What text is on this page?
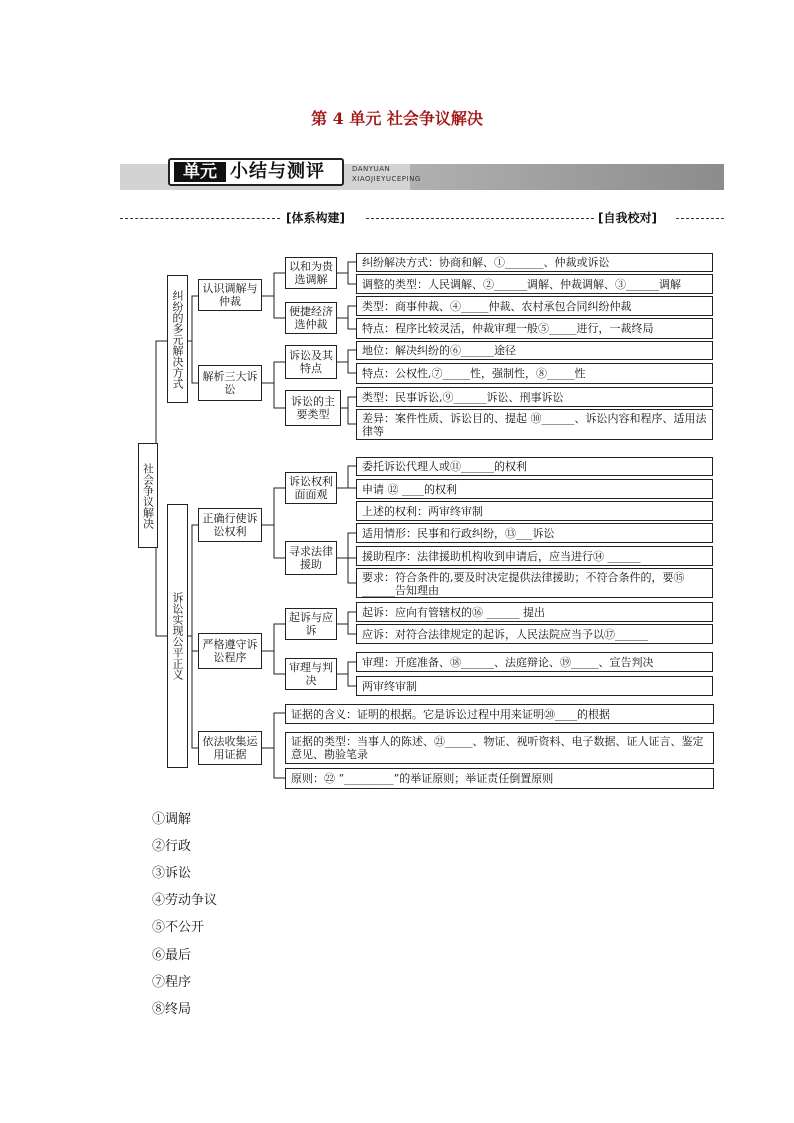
第 4 单元 社会争议解决
单元 小结与测评	DANYUAN
XIAOJIEYUCEPING
[体系构建]	[自我校对]
社会争议解决
纠纷的多元解决方式
诉讼实现公平正义
认识调解与仲裁
解析三大诉讼
正确行使诉讼权利
严格遵守诉讼程序
依法收集运用证据
以和为贵选调解
便捷经济选仲裁
诉讼及其特点
诉讼的主要类型
诉讼权利面面观
寻求法律援助
起诉与应诉
审理与判决
证据的含义：证明的根据。它是诉讼过程中用来证明⑳____的根据
证据的类型：当事人的陈述、㉑_____、物证、视听资料、电子数据、证人证言、鉴定意见、勘验笔录
原则：㉒ “_________”的举证原则；举证责任倒置原则
纠纷解决方式：协商和解、①_______、仲裁或诉讼
调整的类型：人民调解、②______调解、仲裁调解、③______调解
类型：商事仲裁、④_____仲裁、农村承包合同纠纷仲裁
特点：程序比较灵活，仲裁审理一般⑤_____进行，一裁终局
地位：解决纠纷的⑥______途径
特点：公权性,⑦_____性，强制性，⑧_____性
类型：民事诉讼,⑨______诉讼、刑事诉讼
差异：案件性质、诉讼目的、提起 ⑩______、诉讼内容和程序、适用法律等
委托诉讼代理人或⑪______的权利
申请 ⑫ ____的权利
上述的权利：两审终审制
适用情形：民事和行政纠纷，⑬___诉讼
援助程序：法律援助机构收到申请后，应当进行⑭ ______
要求：符合条件的,要及时决定提供法律援助；不符合条件的，要⑮ ______告知理由
起诉：应向有管辖权的⑯ ______ 提出
应诉：对符合法律规定的起诉，人民法院应当予以⑰______
审理：开庭准备、⑱______、法庭辩论、⑲_____、宣告判决
两审终审制
①调解
②行政
③诉讼
④劳动争议
⑤不公开
⑥最后
⑦程序
⑧终局
